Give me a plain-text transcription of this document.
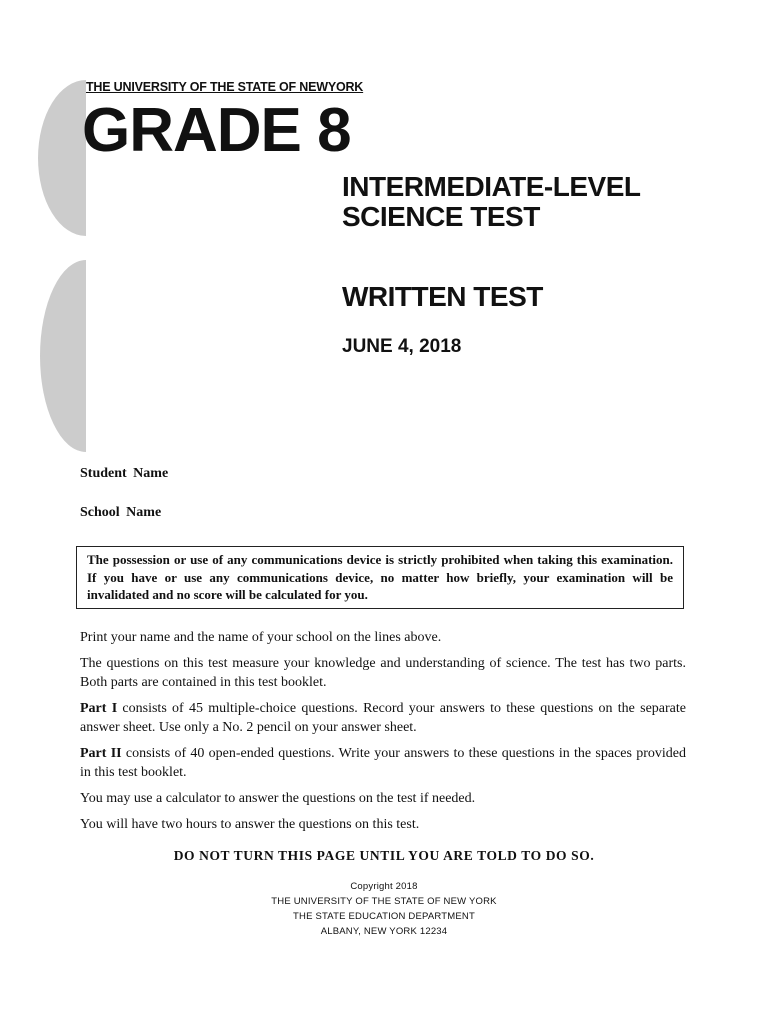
THE UNIVERSITY OF THE STATE OF NEWYORK
GRADE 8
INTERMEDIATE-LEVEL
SCIENCE TEST
WRITTEN TEST
JUNE 4, 2018
Student Name
School Name
The possession or use of any communications device is strictly prohibited when taking this examination. If you have or use any communications device, no matter how briefly, your examination will be invalidated and no score will be calculated for you.

Print your name and the name of your school on the lines above.

The questions on this test measure your knowledge and understanding of science. The test has two parts. Both parts are contained in this test booklet.

Part I consists of 45 multiple-choice questions. Record your answers to these questions on the separate answer sheet. Use only a No. 2 pencil on your answer sheet.

Part II consists of 40 open-ended questions. Write your answers to these questions in the spaces provided in this test booklet.

You may use a calculator to answer the questions on the test if needed.

You will have two hours to answer the questions on this test.

DO NOT TURN THIS PAGE UNTIL YOU ARE TOLD TO DO SO.
Copyright 2018
THE UNIVERSITY OF THE STATE OF NEW YORK
THE STATE EDUCATION DEPARTMENT
ALBANY, NEW YORK 12234
